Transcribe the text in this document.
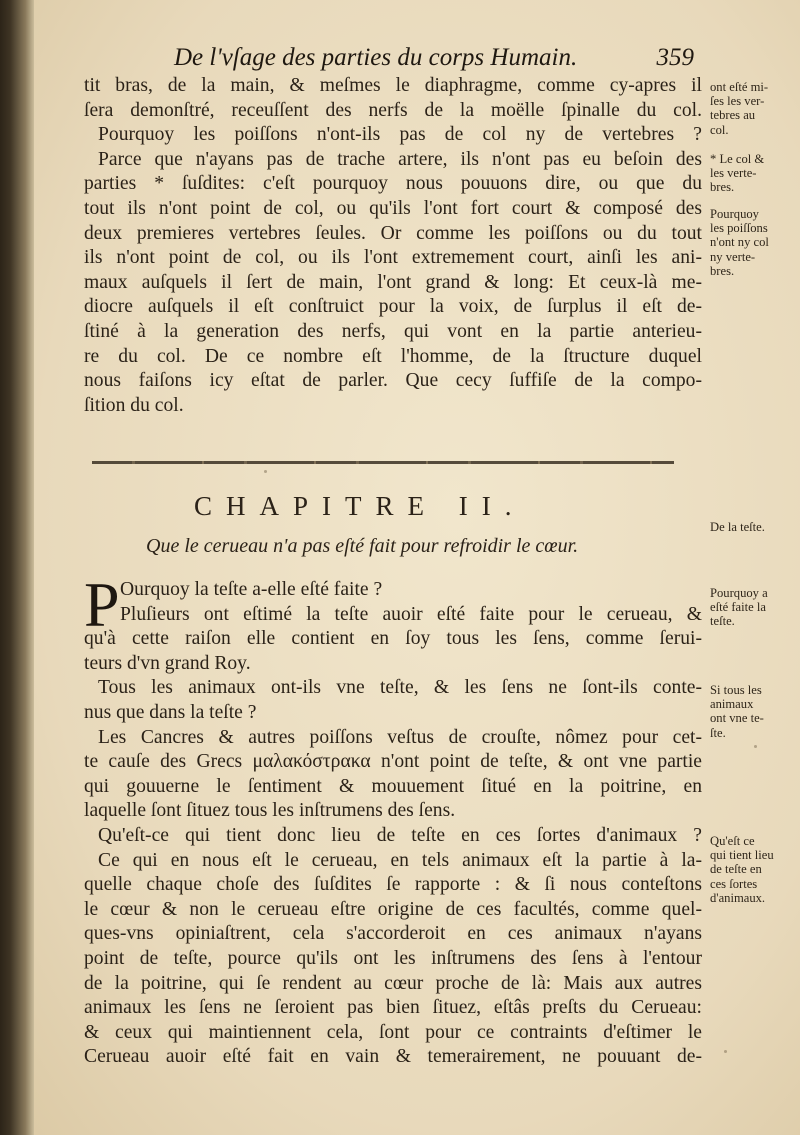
De l'vſage des parties du corps Humain.	359
tit bras, de la main, & meſmes le diaphragme, comme cy-apres il
ſera demonſtré, receuſſent des nerfs de la moëlle ſpinalle du col.
Pourquoy les poiſſons n'ont-ils pas de col ny de vertebres ?
Parce que n'ayans pas de trache artere, ils n'ont pas eu beſoin des
parties * ſuſdites: c'eſt pourquoy nous pouuons dire, ou que du
tout ils n'ont point de col, ou qu'ils l'ont fort court & composé des
deux premieres vertebres ſeules. Or comme les poiſſons ou du tout
ils n'ont point de col, ou ils l'ont extremement court, ainſi les ani-
maux auſquels il ſert de main, l'ont grand & long: Et ceux-là me-
diocre auſquels il eſt conſtruict pour la voix, de ſurplus il eſt de-
ſtiné à la generation des nerfs, qui vont en la partie anterieu-
re du col. De ce nombre eſt l'homme, de la ſtructure duquel
nous faiſons icy eſtat de parler. Que cecy ſuffiſe de la compo-
ſition du col.
ont eſté mi-
ſes les ver-
tebres au
col.
* Le col &
les verte-
bres.
Pourquoy
les poiſſons
n'ont ny col
ny verte-
bres.
CHAPITRE II.
Que le cerueau n'a pas eſté fait pour refroidir le cœur.
De la teſte.
Pourquoy a
eſté faite la
teſte.
Si tous les
animaux
ont vne te-
ſte.
Qu'eſt ce
qui tient lieu
de teſte en
ces ſortes
d'animaux.
P Ourquoy la teſte a-elle eſté faite ?
Pluſieurs ont eſtimé la teſte auoir eſté faite pour le cerueau, &
qu'à cette raiſon elle contient en ſoy tous les ſens, comme ſerui-
teurs d'vn grand Roy.
Tous les animaux ont-ils vne teſte, & les ſens ne ſont-ils conte-
nus que dans la teſte ?
Les Cancres & autres poiſſons veſtus de crouſte, nômez pour cet-
te cauſe des Grecs μαλακόστρακα n'ont point de teſte, & ont vne partie
qui gouuerne le ſentiment & mouuement ſitué en la poitrine, en
laquelle ſont ſituez tous les inſtrumens des ſens.
Qu'eſt-ce qui tient donc lieu de teſte en ces ſortes d'animaux ?
Ce qui en nous eſt le cerueau, en tels animaux eſt la partie à la-
quelle chaque choſe des ſuſdites ſe rapporte : & ſi nous conteſtons
le cœur & non le cerueau eſtre origine de ces facultés, comme quel-
ques-vns opiniaſtrent, cela s'accorderoit en ces animaux n'ayans
point de teſte, pource qu'ils ont les inſtrumens des ſens à l'entour
de la poitrine, qui ſe rendent au cœur proche de là: Mais aux autres
animaux les ſens ne ſeroient pas bien ſituez, eſtâs preſts du Cerueau:
& ceux qui maintiennent cela, ſont pour ce contraints d'eſtimer le
Cerueau auoir eſté fait en vain & temerairement, ne pouuant de-
